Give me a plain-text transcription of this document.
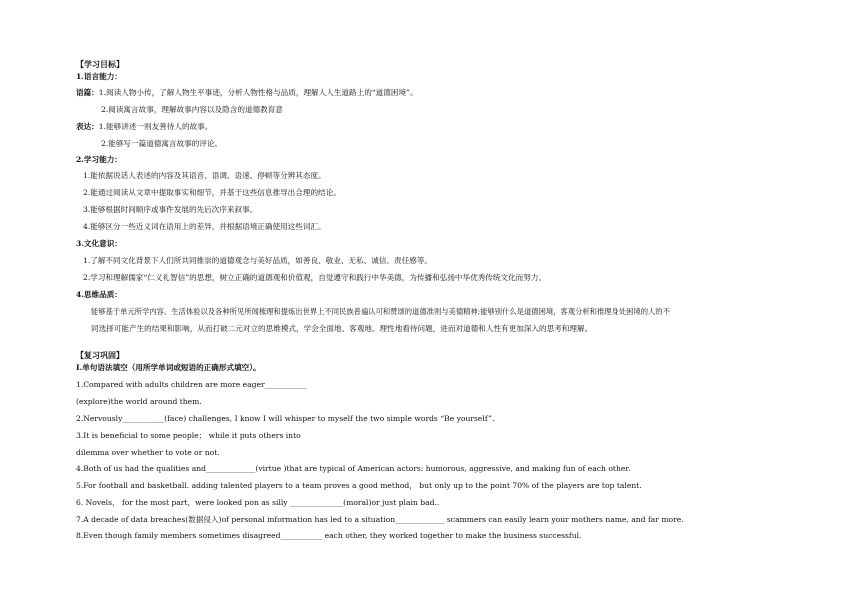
【学习目标】
1.语言能力：
语篇：1.阅读人物小传，了解人物生平事迹，分析人物性格与品质，理解人人生道路上的“道德困境”。
2.阅读寓言故事，理解故事内容以及隐含的道德教育意
表达：1.能够讲述一则友善待人的故事。
2.能够写一篇道德寓言故事的评论。
2.学习能力：
1.能依据说话人表述的内容及其语音、语调、语速、停顿等分辨其态度。
2.能通过阅读从文章中提取事实和细节，并基于这些信息推导出合理的结论。
3.能够根据时间顺序或事件发展的先后次序来叙事。
4.能够区分一些近义词在语用上的差异，并根据语境正确使用这些词汇。
3.文化意识：
1.了解不同文化背景下人们所共同推崇的道德观念与美好品质，如善良、敬业、无私、诚信、责任感等。
2.学习和理解儒家“仁义礼智信”的思想，树立正确的道德观和价值观，自觉遵守和践行中华美德，为传播和弘扬中华优秀传统文化而努力。
4.思维品质：
能够基于单元所学内容、生活体验以及各种所见所闻梳理和提炼出世界上不同民族普遍认可和赞颂的道德准则与美德精神;能够别什么是道德困境，客观分析和推理身处困境的人的不
同选择可能产生的结果和影响，从而打破二元对立的思维模式，学会全面地、客观地、理性地看待问题，进而对道德和人性有更加深入的思考和理解。
【复习巩固】
Ⅰ.单句语法填空（用所学单词或短语的正确形式填空）。
1.Compared with adults children are more eager___________
(explore)the world around them.
2.Nervously___________(face) challenges, I know I will whisper to myself the two simple words “Be yourself”.
3.It is beneficial to some people； while it puts others into
dilemma over whether to vote or not.
4.Both of us had the qualities and_____________(virtue )that are typical of American actors: humorous, aggressive, and making fun of each other.
5.For football and basketball. adding talented players to a team proves a good method， but only up to the point 70% of the players are top talent.
6. Novels， for the most part，were looked pon as silly ______________(moral)or just plain bad..
7.A decade of data breaches(数据侵入)of personal information has led to a situation_____________ scammers can easily learn your mothers name, and far more.
8.Even though family members sometimes disagreed___________ each other, they worked together to make the business successful.
